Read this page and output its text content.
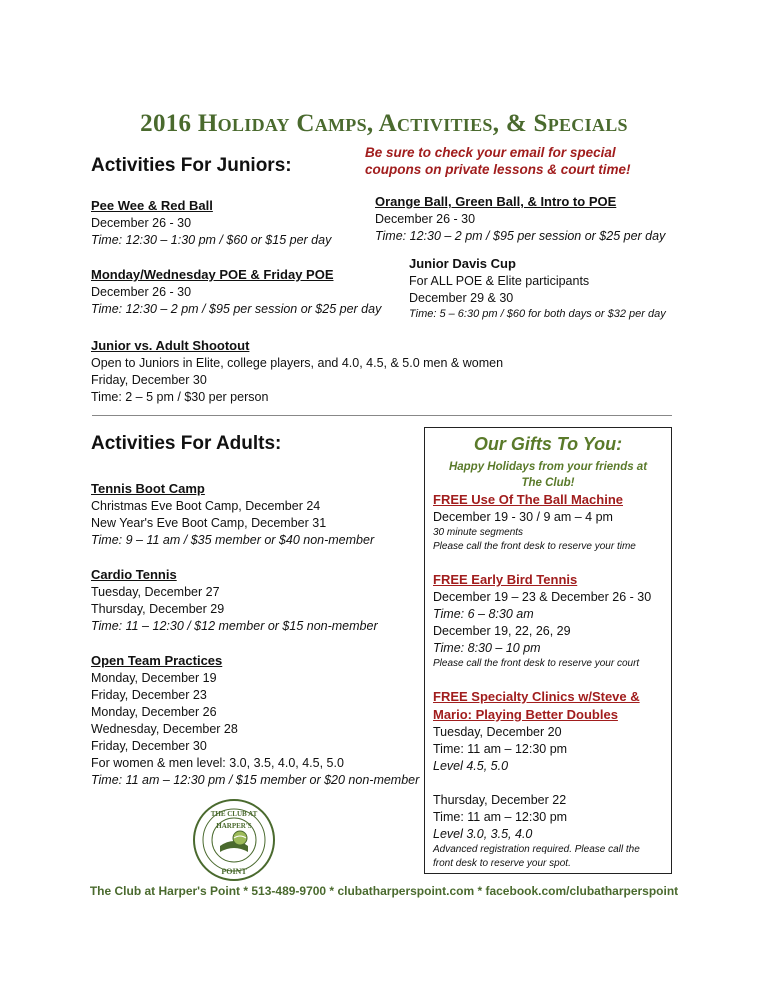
2016 Holiday Camps, Activities, & Specials
Activities For Juniors:
Be sure to check your email for special
coupons on private lessons & court time!
Pee Wee & Red Ball
December 26 - 30
Time: 12:30 – 1:30 pm / $60 or $15 per day
Monday/Wednesday POE & Friday POE
December 26 - 30
Time: 12:30 – 2 pm / $95 per session or $25 per day
Orange Ball, Green Ball, & Intro to POE
December 26 - 30
Time: 12:30 – 2 pm / $95 per session or $25 per day
Junior Davis Cup
For ALL POE & Elite participants
December 29 & 30
Time: 5 – 6:30 pm / $60 for both days or $32 per day
Junior vs. Adult Shootout
Open to Juniors in Elite, college players, and 4.0, 4.5, & 5.0 men & women
Friday, December 30
Time: 2 – 5 pm / $30 per person
Activities For Adults:
Tennis Boot Camp
Christmas Eve Boot Camp, December 24
New Year's Eve Boot Camp, December 31
Time: 9 – 11 am / $35 member or $40 non-member
Cardio Tennis
Tuesday, December 27
Thursday, December 29
Time: 11 – 12:30 / $12 member or $15 non-member
Open Team Practices
Monday, December 19
Friday, December 23
Monday, December 26
Wednesday, December 28
Friday, December 30
For women & men level: 3.0, 3.5, 4.0, 4.5, 5.0
Time: 11 am – 12:30 pm / $15 member or $20 non-member
THE CLUB AT
HARPER'S
POINT
Our Gifts To You:
Happy Holidays from your friends at
The Club!
FREE Use Of The Ball Machine
December 19 - 30 / 9 am – 4 pm
30 minute segments
Please call the front desk to reserve your time
FREE Early Bird Tennis
December 19 – 23 & December 26 - 30
Time: 6 – 8:30 am
December 19, 22, 26, 29
Time: 8:30 – 10 pm
Please call the front desk to reserve your court
FREE Specialty Clinics w/Steve &
Mario: Playing Better Doubles
Tuesday, December 20
Time: 11 am – 12:30 pm
Level 4.5, 5.0
Thursday, December 22
Time: 11 am – 12:30 pm
Level 3.0, 3.5, 4.0
Advanced registration required. Please call the
front desk to reserve your spot.
The Club at Harper's Point * 513-489-9700 * clubatharperspoint.com * facebook.com/clubatharperspoint
